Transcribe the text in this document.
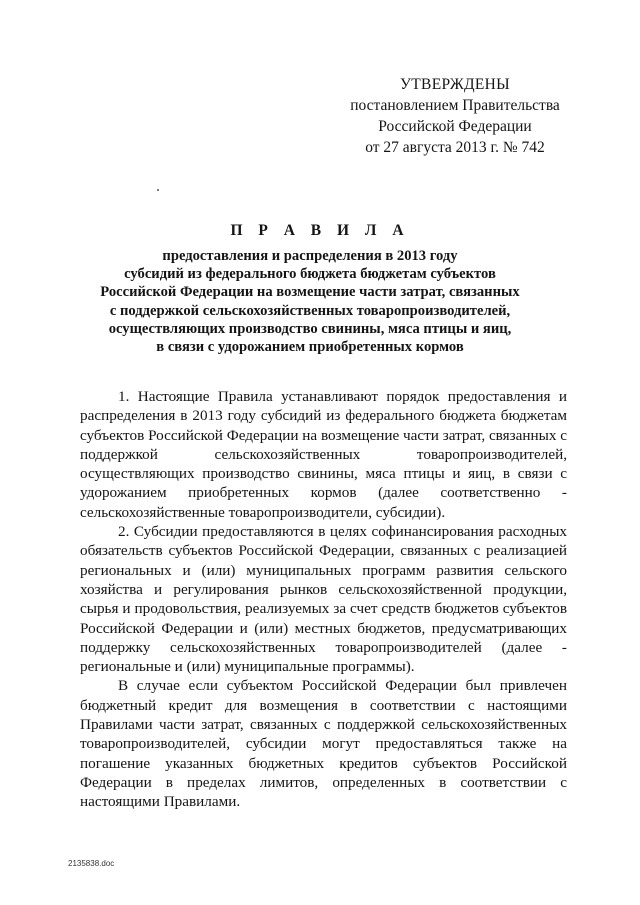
УТВЕРЖДЕНЫ
постановлением Правительства
Российской Федерации
от 27 августа 2013 г. № 742
П Р А В И Л А
предоставления и распределения в 2013 году
субсидий из федерального бюджета бюджетам субъектов
Российской Федерации на возмещение части затрат, связанных
с поддержкой сельскохозяйственных товаропроизводителей,
осуществляющих производство свинины, мяса птицы и яиц,
в связи с удорожанием приобретенных кормов

1. Настоящие Правила устанавливают порядок предоставления и распределения в 2013 году субсидий из федерального бюджета бюджетам субъектов Российской Федерации на возмещение части затрат, связанных с поддержкой сельскохозяйственных товаропроизводителей, осуществляющих производство свинины, мяса птицы и яиц, в связи с удорожанием приобретенных кормов (далее соответственно - сельскохозяйственные товаропроизводители, субсидии).

2. Субсидии предоставляются в целях софинансирования расходных обязательств субъектов Российской Федерации, связанных с реализацией региональных и (или) муниципальных программ развития сельского хозяйства и регулирования рынков сельскохозяйственной продукции, сырья и продовольствия, реализуемых за счет средств бюджетов субъектов Российской Федерации и (или) местных бюджетов, предусматривающих поддержку сельскохозяйственных товаропроизводителей (далее - региональные и (или) муниципальные программы).

В случае если субъектом Российской Федерации был привлечен бюджетный кредит для возмещения в соответствии с настоящими Правилами части затрат, связанных с поддержкой сельскохозяйственных товаропроизводителей, субсидии могут предоставляться также на погашение указанных бюджетных кредитов субъектов Российской Федерации в пределах лимитов, определенных в соответствии с настоящими Правилами.

2135838.doc
